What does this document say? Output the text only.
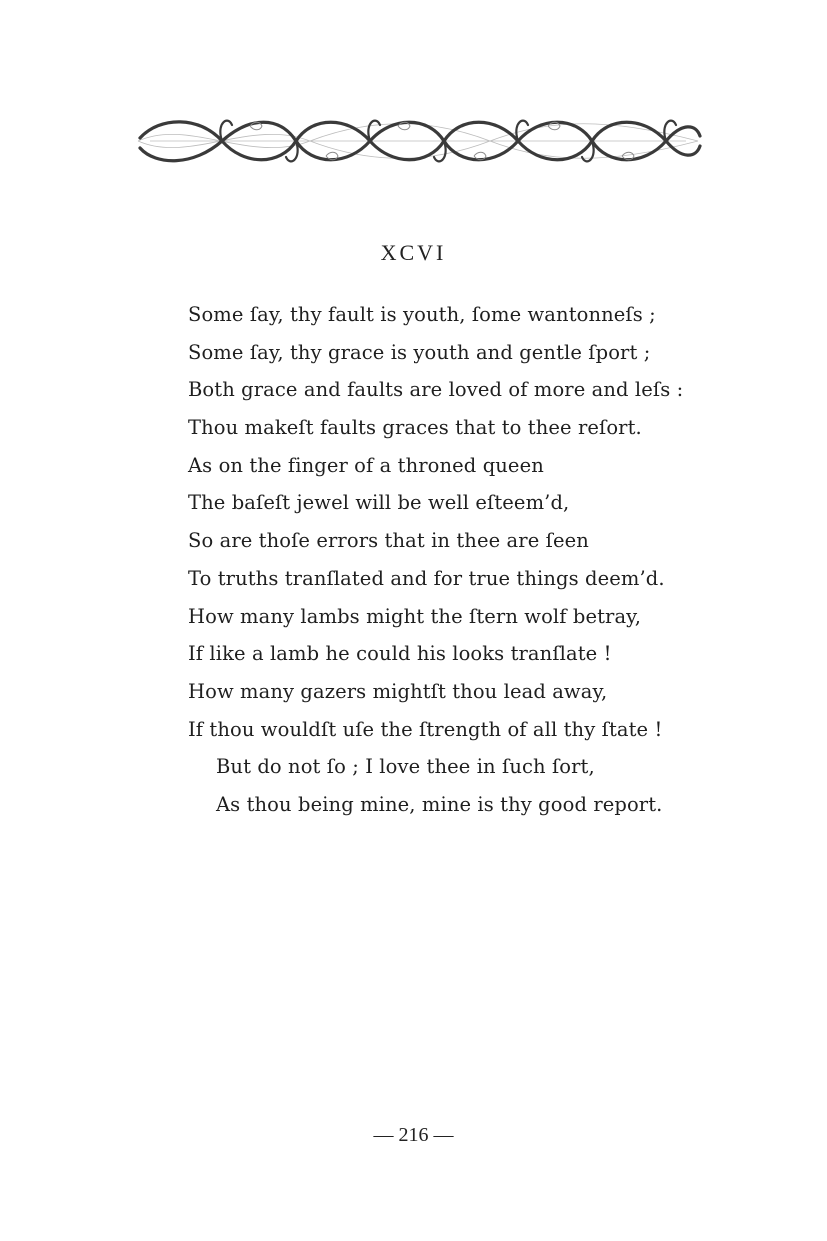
XCVI
Some ſay, thy fault is youth, ſome wantonneſs ;
Some ſay, thy grace is youth and gentle ſport ;
Both grace and faults are loved of more and leſs :
Thou makeſt faults graces that to thee reſort.
As on the finger of a throned queen
The baſeſt jewel will be well eſteem’d,
So are thoſe errors that in thee are ſeen
To truths tranſlated and for true things deem’d.
How many lambs might the ſtern wolf betray,
If like a lamb he could his looks tranſlate !
How many gazers mightſt thou lead away,
If thou wouldſt uſe the ſtrength of all thy ſtate !
But do not ſo ; I love thee in ſuch ſort,
As thou being mine, mine is thy good report.
— 216 —
